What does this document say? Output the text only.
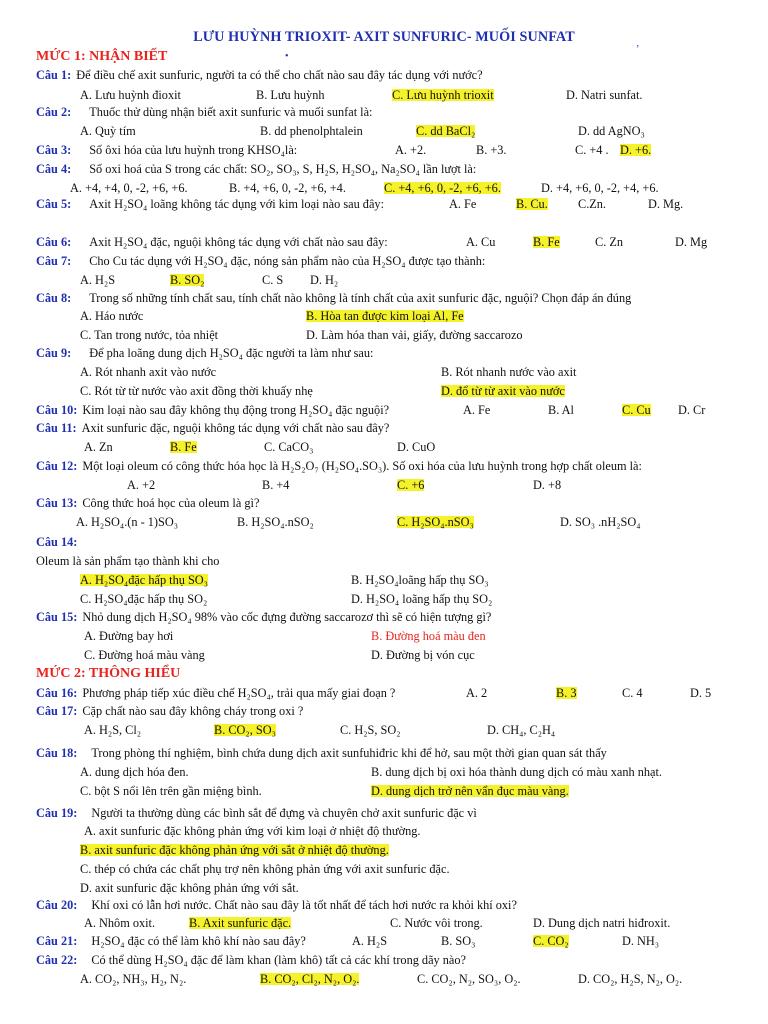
•
ʼ
LƯU HUỲNH TRIOXIT- AXIT SUNFURIC- MUỐI SUNFAT
MỨC 1: NHẬN BIẾT
Câu 1: Để điều chế axit sunfuric, người ta có thể cho chất nào sau đây tác dụng với nước?
A. Lưu huỳnh đioxit	B. Lưu huỳnh	C. Lưu huỳnh trioxit	D. Natri sunfat.
Câu 2: Thuốc thử dùng nhận biết axit sunfuric và muối sunfat là:
A. Quỳ tím	B. dd phenolphtalein	C. dd BaCl₂	D. dd AgNO₃
Câu 3: Số ôxi hóa của lưu huỳnh trong KHSO₄là:	A. +2.	B. +3.	C. +4 . D. +6.
Câu 4: Số oxi hoá của S trong các chất: SO₂, SO₃, S, H₂S, H₂SO₄, Na₂SO₄ lần lượt là:
A. +4, +4, 0, -2, +6, +6.	B. +4, +6, 0, -2, +6, +4.	C. +4, +6, 0, -2, +6, +6.	D. +4, +6, 0, -2, +4, +6.
Câu 5: Axit H₂SO₄ loãng không tác dụng với kim loại nào sau đây:	A. Fe	B. Cu. C.Zn.	D. Mg.
Câu 6: Axit H₂SO₄ đặc, nguội không tác dụng với chất nào sau đây:	A. Cu	B. Fe	C. Zn	D. Mg
Câu 7: Cho Cu tác dụng với H₂SO₄ đặc, nóng sản phẩm nào của H₂SO₄ được tạo thành:
A. H₂S	B. SO₂	C. S D. H₂
Câu 8: Trong số những tính chất sau, tính chất nào không là tính chất của axit sunfuric đặc, nguội? Chọn đáp án đúng
A. Háo nước	B. Hòa tan được kim loại Al, Fe
C. Tan trong nước, tỏa nhiệt	D. Làm hóa than vải, giấy, đường saccarozo
Câu 9: Để pha loãng dung dịch H₂SO₄ đặc người ta làm như sau:
A. Rót nhanh axit vào nước	B. Rót nhanh nước vào axit
C. Rót từ từ nước vào axit đồng thời khuấy nhẹ	D. đổ từ từ axit vào nước
Câu 10: Kim loại nào sau đây không thụ động trong H₂SO₄ đặc nguội?	A. Fe	B. Al	C. Cu D. Cr
Câu 11: Axit sunfuric đặc, nguội không tác dụng với chất nào sau đây?
A. Zn	B. Fe	C. CaCO₃	D. CuO
Câu 12: Một loại oleum có công thức hóa học là H₂S₂O₇ (H₂SO₄.SO₃). Số oxi hóa của lưu huỳnh trong hợp chất oleum là:
A. +2	B. +4	C. +6	D. +8
Câu 13: Công thức hoá học của oleum là gì?
A. H₂SO₄.(n - 1)SO₃	B. H₂SO₄.nSO₂	C. H₂SO₄.nSO₃	D. SO₃ .nH₂SO₄
Câu 14:
Oleum là sản phẩm tạo thành khi cho
A. H₂SO₄đặc hấp thụ SO₃	B. H₂SO₄loãng hấp thụ SO₃
C. H₂SO₄đặc hấp thụ SO₂	D. H₂SO₄ loãng hấp thụ SO₂
Câu 15: Nhỏ dung dịch H₂SO₄ 98% vào cốc đựng đường saccarozơ thì sẽ có hiện tượng gì?
A. Đường bay hơi	B. Đường hoá màu đen
C. Đường hoá màu vàng	D. Đường bị vón cục
MỨC 2: THÔNG HIỂU
Câu 16: Phương pháp tiếp xúc điều chế H₂SO₄, trải qua mấy giai đoạn ?	A. 2	B. 3	C. 4	D. 5
Câu 17: Cặp chất nào sau đây không cháy trong oxi ?
A. H₂S, Cl₂	B. CO₂, SO₃	C. H₂S, SO₂	D. CH₄, C₂H₄
Câu 18: Trong phòng thí nghiệm, bình chứa dung dịch axit sunfuhiđric khi để hở, sau một thời gian quan sát thấy
A. dung dịch hóa đen.	B. dung dịch bị oxi hóa thành dung dịch có màu xanh nhạt.
C. bột S nổi lên trên gần miệng bình.	D. dung dịch trở nên vẩn đục màu vàng.
Câu 19: Người ta thường dùng các bình sắt để đựng và chuyên chở axit sunfuric đặc vì
A. axit sunfuric đặc không phản ứng với kim loại ở nhiệt độ thường.
B. axit sunfuric đặc không phản ứng với sắt ở nhiệt độ thường.
C. thép có chứa các chất phụ trợ nên không phản ứng với axit sunfuric đặc.
D. axit sunfuric đặc không phản ứng với sắt.
Câu 20: Khí oxi có lẫn hơi nước. Chất nào sau đây là tốt nhất để tách hơi nước ra khỏi khí oxi?
A. Nhôm oxit.	B. Axit sunfuric đặc.	C. Nước vôi trong.	D. Dung dịch natri hiđroxit.
Câu 21: H₂SO₄ đặc có thể làm khô khí nào sau đây?	A. H₂S	B. SO₃	C. CO₂	D. NH₃
Câu 22: Có thể dùng H₂SO₄ đặc để làm khan (làm khô) tất cả các khí trong dãy nào?
A. CO₂, NH₃, H₂, N₂.	B. CO₂, Cl₂, N₂, O₂.	C. CO₂, N₂, SO₃, O₂.	D. CO₂, H₂S, N₂, O₂.
